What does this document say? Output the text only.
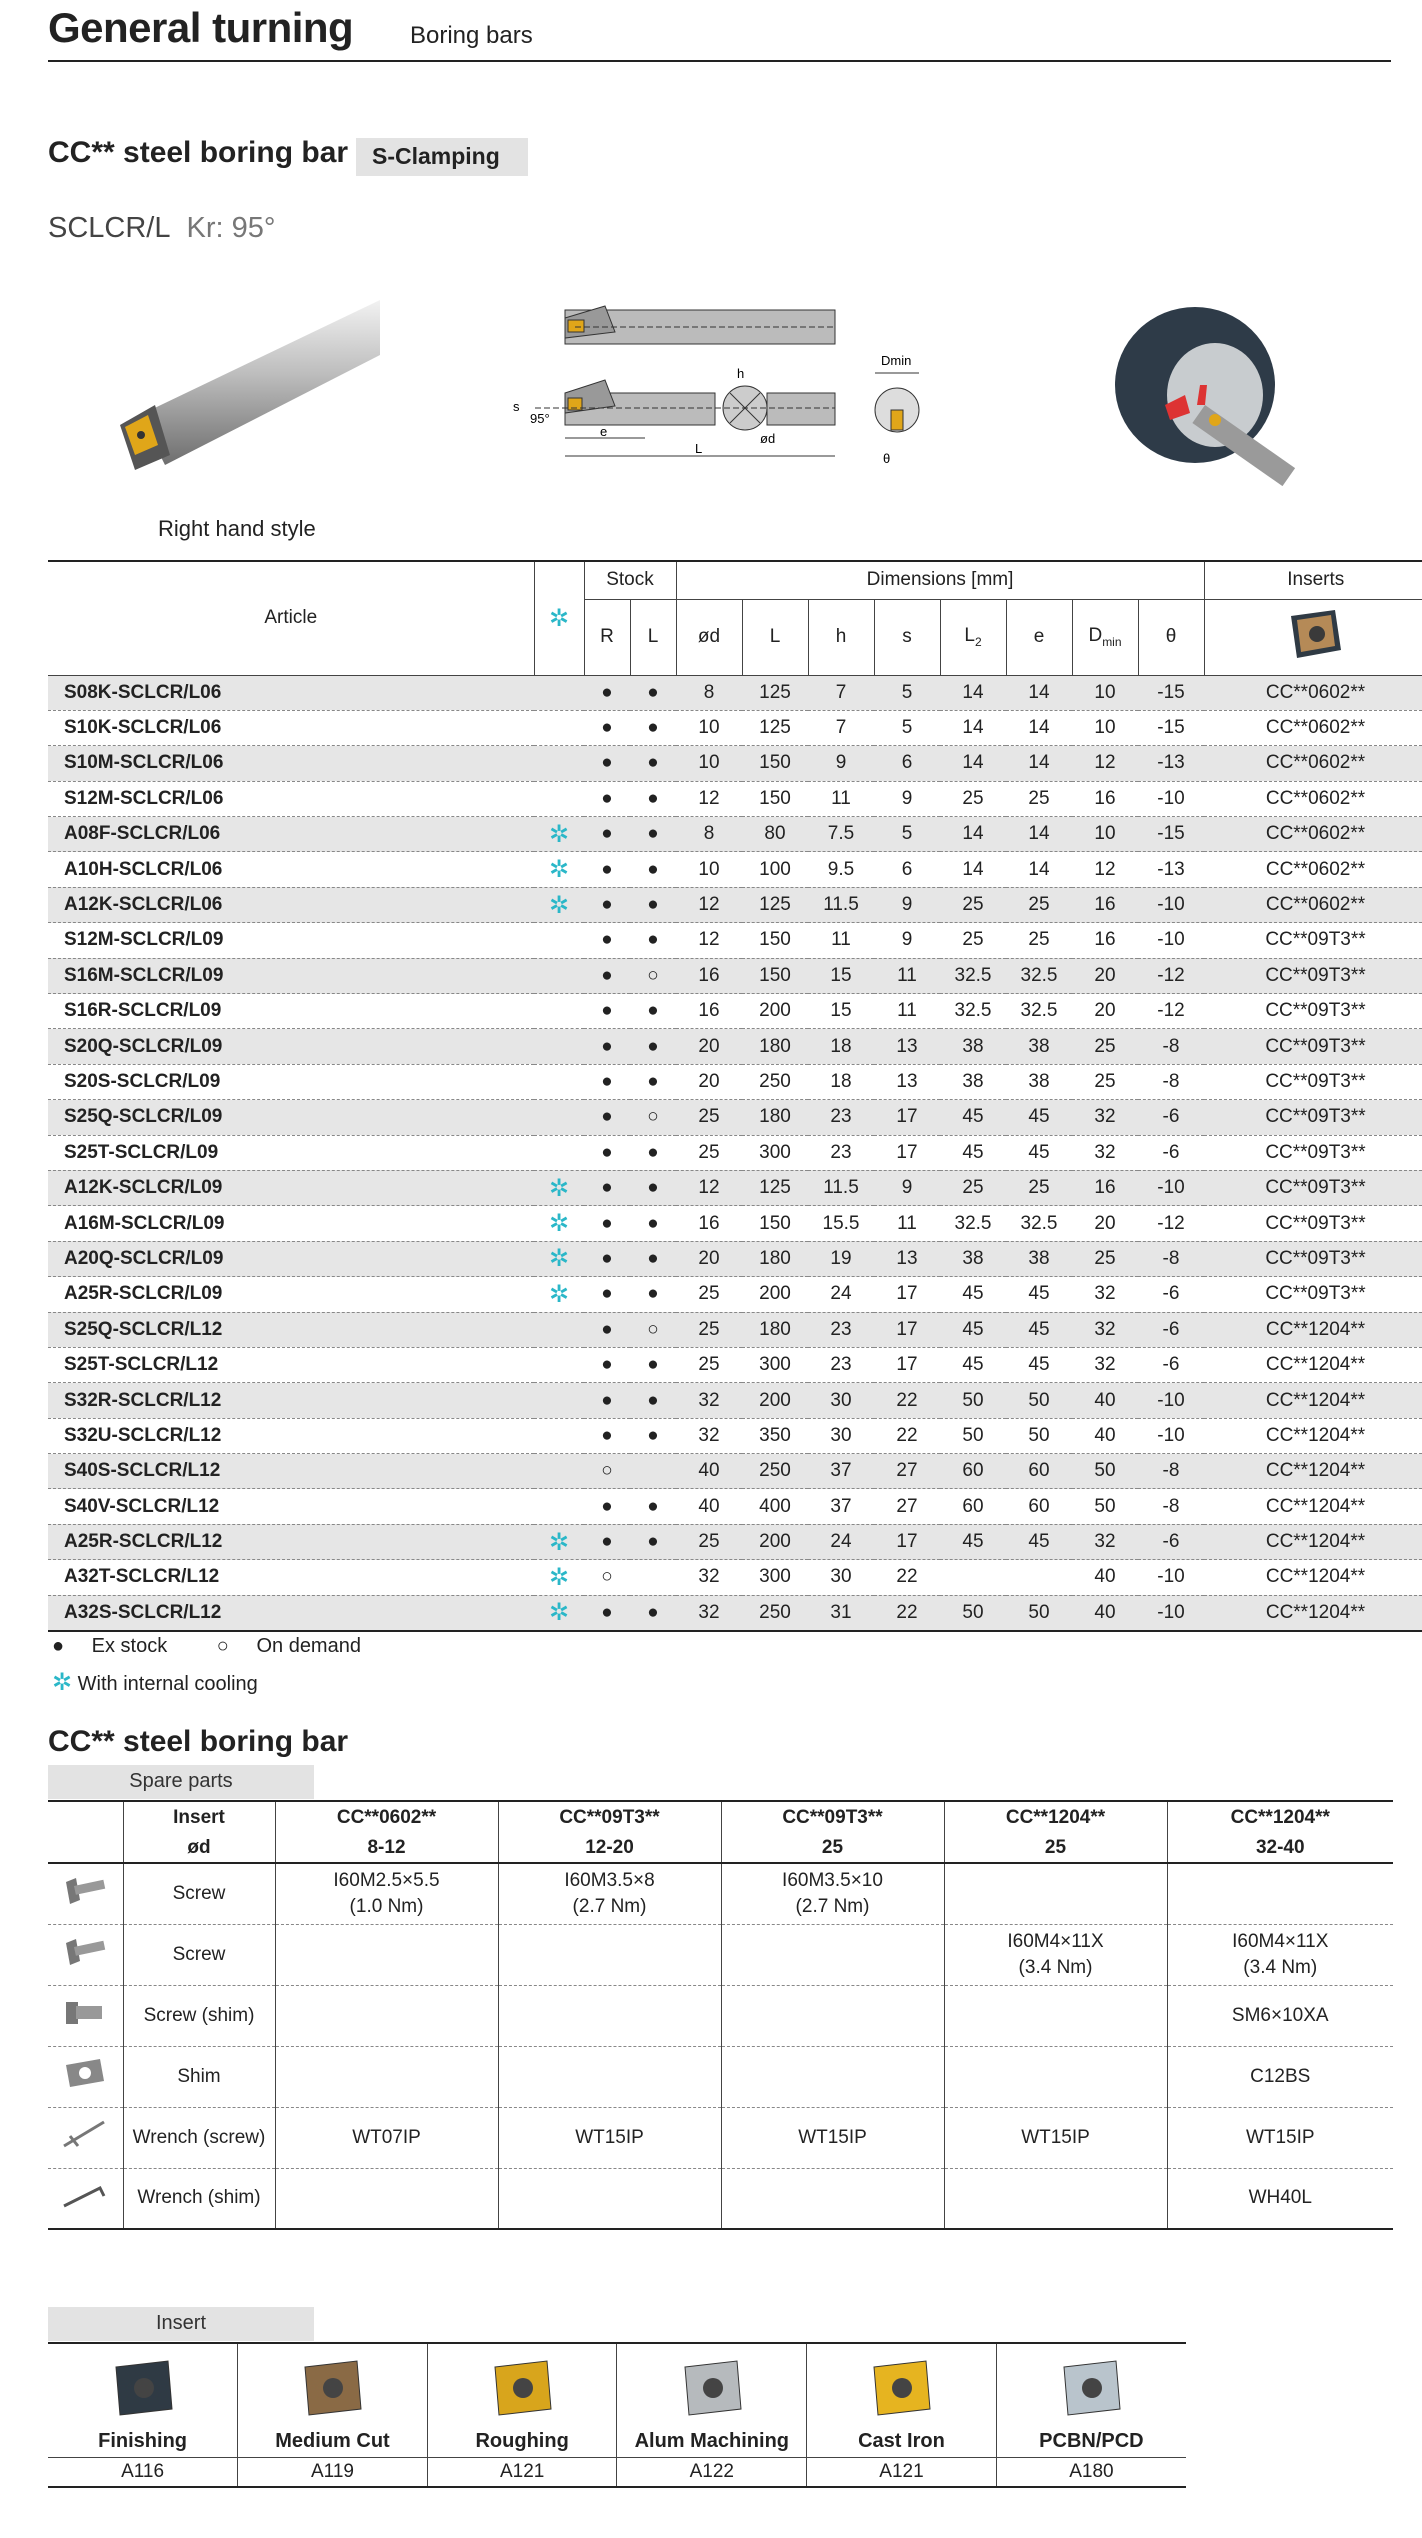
General turning Boring bars
CC** steel boring bar	S-Clamping
SCLCR/L Kr: 95°
Right hand style
e
L
s
95°
h
ød
Dmin
θ
Article	✲	Stock		Dimensions [mm]								Inserts
		R	L	ød	L	h	s	$L_2$	e	$D_{min}$	θ	
S08K-SCLCR/L06		●	●	8	125	7	5	14	14	10	-15	CC**0602**
S10K-SCLCR/L06		●	●	10	125	7	5	14	14	10	-15	CC**0602**
S10M-SCLCR/L06		●	●	10	150	9	6	14	14	12	-13	CC**0602**
S12M-SCLCR/L06		●	●	12	150	11	9	25	25	16	-10	CC**0602**
A08F-SCLCR/L06	✲	●	●	8	80	7.5	5	14	14	10	-15	CC**0602**
A10H-SCLCR/L06	✲	●	●	10	100	9.5	6	14	14	12	-13	CC**0602**
A12K-SCLCR/L06	✲	●	●	12	125	11.5	9	25	25	16	-10	CC**0602**
S12M-SCLCR/L09		●	●	12	150	11	9	25	25	16	-10	CC**09T3**
S16M-SCLCR/L09		●	○	16	150	15	11	32.5	32.5	20	-12	CC**09T3**
S16R-SCLCR/L09		●	●	16	200	15	11	32.5	32.5	20	-12	CC**09T3**
S20Q-SCLCR/L09		●	●	20	180	18	13	38	38	25	-8	CC**09T3**
S20S-SCLCR/L09		●	●	20	250	18	13	38	38	25	-8	CC**09T3**
S25Q-SCLCR/L09		●	○	25	180	23	17	45	45	32	-6	CC**09T3**
S25T-SCLCR/L09		●	●	25	300	23	17	45	45	32	-6	CC**09T3**
A12K-SCLCR/L09	✲	●	●	12	125	11.5	9	25	25	16	-10	CC**09T3**
A16M-SCLCR/L09	✲	●	●	16	150	15.5	11	32.5	32.5	20	-12	CC**09T3**
A20Q-SCLCR/L09	✲	●	●	20	180	19	13	38	38	25	-8	CC**09T3**
A25R-SCLCR/L09	✲	●	●	25	200	24	17	45	45	32	-6	CC**09T3**
S25Q-SCLCR/L12		●	○	25	180	23	17	45	45	32	-6	CC**1204**
S25T-SCLCR/L12		●	●	25	300	23	17	45	45	32	-6	CC**1204**
S32R-SCLCR/L12		●	●	32	200	30	22	50	50	40	-10	CC**1204**
S32U-SCLCR/L12		●	●	32	350	30	22	50	50	40	-10	CC**1204**
S40S-SCLCR/L12		○		40	250	37	27	60	60	50	-8	CC**1204**
S40V-SCLCR/L12		●	●	40	400	37	27	60	60	50	-8	CC**1204**
A25R-SCLCR/L12	✲	●	●	25	200	24	17	45	45	32	-6	CC**1204**
A32T-SCLCR/L12	✲	○		32	300	30	22			40	-10	CC**1204**
A32S-SCLCR/L12	✲	●	●	32	250	31	22	50	50	40	-10	CC**1204**
● Ex stock ○ On demand
✲ With internal cooling
CC** steel boring bar
Spare parts
	Insert	CC**0602**	CC**09T3**	CC**09T3**	CC**1204**	CC**1204**
	ød	8-12	12-20	25	25	32-40
	Screw	I60M2.5×5.5
(1.0 Nm)	I60M3.5×8
(2.7 Nm)	I60M3.5×10
(2.7 Nm)		
	Screw				I60M4×11X
(3.4 Nm)	I60M4×11X
(3.4 Nm)
	Screw (shim)					SM6×10XA
	Shim					C12BS
	Wrench (screw)	WT07IP	WT15IP	WT15IP	WT15IP	WT15IP
	Wrench (shim)					WH40L
Insert
Finishing	Medium Cut	Roughing	Alum Machining	Cast Iron	PCBN/PCD

A116	A119	A121	A122	A121	A180
